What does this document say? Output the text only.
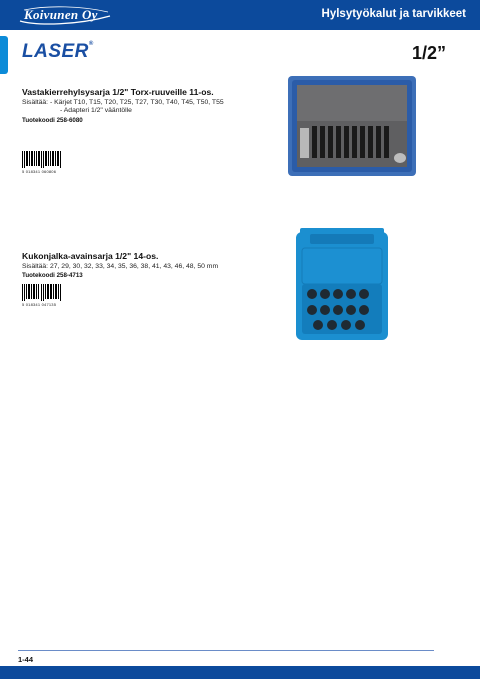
Koivunen Oy	Hylsytyökalut ja tarvikkeet
LASER®	1/2”

Vastakierrehylsysarja 1/2" Torx-ruuveille 11-os.

Sisältää: - Kärjet T10, T15, T20, T25, T27, T30, T40, T45, T50, T55

- Adapteri 1/2" vääntölle

Tuotekoodi 258-6080

5 018341 060806

Kukonjalka-avainsarja 1/2" 14-os.

Sisältää: 27, 29, 30, 32, 33, 34, 35, 36, 38, 41, 43, 46, 48, 50 mm

Tuotekoodi 258-4713

5 018341 047135
1-44
